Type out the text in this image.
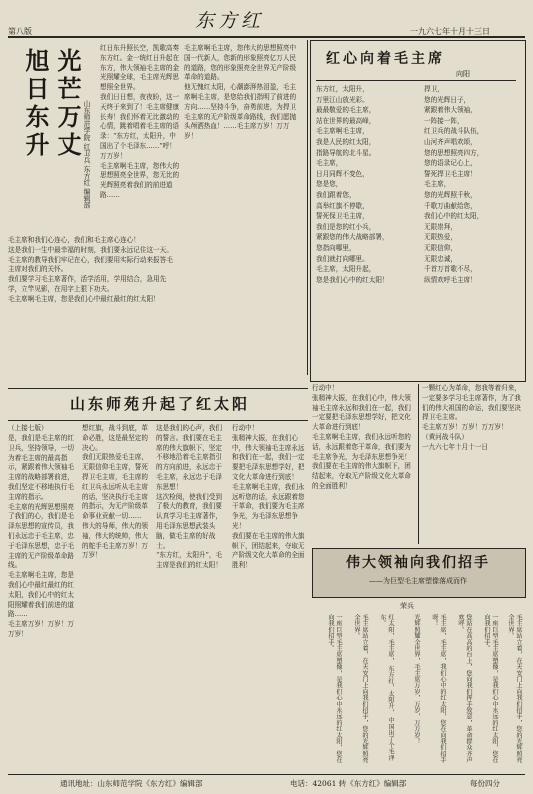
东方红
第八版	一九六七年十月十三日
旭日东升 光芒万丈 山东师范学院 红卫兵 东方红 编辑部
红日东升照长空，凯歌高奏东方红。金一统红日升起在东方，伟大领袖毛主席的金光照耀全球，毛主席光辉思想照全世界。
我们日日想，夜夜盼，这一天终于来到了！毛主席健康长寿！我们怀着无比激动的心情，跳着唱着毛主席的语录：“东方红，太阳升，中国出了个毛泽东……”呼！万万岁！
毛主席啊毛主席，您伟大的思想照亮全世界，您无比的光辉照亮着我们的前进道路……
毛主席啊毛主席，您伟大的思想照亮中国一代新人，您新的形象照亮亿万人民的道路，您的形象照亮全世界无产阶级革命的道路。
他无愧红太阳，心潮澎湃热泪盈，毛主席啊毛主席，是您给我们指明了前进的方向……坚持斗争，奋勇前进，为捍卫毛主席的无产阶级革命路线，我们愿抛头颅洒热血！……毛主席万岁！万万岁！
毛主席和我们心连心，我们和毛主席心连心！
这是我们一生中最幸福的时刻，我们要永远记住这一天。毛主席的教导我们牢记在心，我们要用实际行动来报答毛主席对我们的关怀。
我们要学习毛主席著作，活学活用，学用结合，急用先学，立竿见影，在用字上狠下功夫。
毛主席啊毛主席，您是我们心中最红最红的红太阳！
红心向着毛主席
向阳
东方红，太阳升，
万里江山放光彩。
最最敬爱的毛主席，
站在世界的最高峰，
毛主席啊毛主席，
我是人民的红太阳，
指路导航的北斗星。
毛主席，
日月同辉不变色，
您是您，
我们跟着您，
高举红旗不停歇，
誓死保卫毛主席，
我们是您的红小兵，
紧跟您的伟大战略部署，
您指向哪里，
我们就打向哪里。
毛主席，太阳升起，
您是我们心中的红太阳！
捍卫，
您的光辉日子，
紧跟着伟大领袖，
一阵接一阵，
红卫兵的战斗队伍，
山河齐声唱欢颂，
您的思想照亮四方，
您的语录记心上，
誓死捍卫毛主席！
毛主席，
您的光辉照千秋，
千歌万曲献给您，
我们心中的红太阳，
无限崇拜，
无限热爱，
无限信仰，
无限忠诚，
千首万首歌不尽，
纵情欢呼毛主席！
山东师苑升起了红太阳
（上接七版）
是，我们是毛主席的红卫兵，坚持领导，一切为着毛主席的最高指示，紧跟着伟大领袖毛主席的战略部署前进，我们坚定不移地执行毛主席的指示。
毛主席的光辉思想照亮了我们的心，我们是毛泽东思想的宣传员，我们永远忠于毛主席，忠于毛泽东思想，忠于毛主席的无产阶级革命路线。
毛主席啊毛主席，您是我们心中最红最红的红太阳，我们心中的红太阳照耀着我们前进的道路……
毛主席万岁！万岁！万万岁！
想红旗，战斗到底，革命必胜，这是最坚定的决心。
我们无限热爱毛主席，无限信仰毛主席，誓死捍卫毛主席，毛主席的红卫兵永远听从毛主席的话，坚决执行毛主席的指示，为无产阶级革命事业贡献一切……
伟大的导师，伟大的领袖，伟大的统帅，伟大的舵手毛主席万岁！万万岁！
这是我们的心声，我们的誓言。我们要在毛主席的伟大旗帜下，坚定不移地沿着毛主席指引的方向前进，永远忠于毛主席，永远忠于毛泽东思想！
这次检阅，使我们受到了极大的教育，我们要认真学习毛主席著作，用毛泽东思想武装头脑，做毛主席的好战士。
“东方红，太阳升”，毛主席是我们的红太阳！
行动中！
张精神大振，在我们心中，伟大领袖毛主席永远和我们在一起，我们一定要把毛泽东思想学好，把文化大革命进行到底！
毛主席啊毛主席，我们永远听您的话，永远跟着您干革命，我们要为毛主席争光，为毛泽东思想争光！
我们要在毛主席的伟大旗帜下，团结起来，夺取无产阶级文化大革命的全面胜利！
行动中！
张精神大振，在我们心中，伟大领袖毛主席永远和我们在一起，我们一定要把毛泽东思想学好，把文化大革命进行到底！
毛主席啊毛主席，我们永远听您的话，永远跟着您干革命，我们要为毛主席争光，为毛泽东思想争光！
我们要在毛主席的伟大旗帜下，团结起来，夺取无产阶级文化大革命的全面胜利！
一颗红心为革命，您我等着归来，一定要多学习毛主席著作，为了我们的伟大祖国的命运，我们要坚决捍卫毛主席。
毛主席万岁！万岁！万万岁！
（黄河战斗队）
一九六七年十月十一日
伟大领袖向我们招手
——为巨型毛主席塑像落成而作
荣兵
毛主席站立着，在天安门上向我们招手，您的光辉照亮全世界。
一座巨型毛主席塑像，是我们心中永远的红太阳，您在向我们招手。
您站在高高的台上，您向我们挥手致意，革命群众齐声欢呼。
毛主席，毛主席，我们心中的红太阳，您在向我们招手呀！
光辉照耀全世界，毛主席万岁，万岁，万万岁！
红太阳，毛主席， 东方红，太阳升， 中国出了个毛泽东。
毛主席站立着，在天安门上向我们招手，您的光辉照亮全世界。
一座巨型毛主席塑像，是我们心中永远的红太阳，您在向我们招手。
通讯地址：山东师范学院《东方红》编辑部	电话：42061 转《东方红》编辑部	每份四分
